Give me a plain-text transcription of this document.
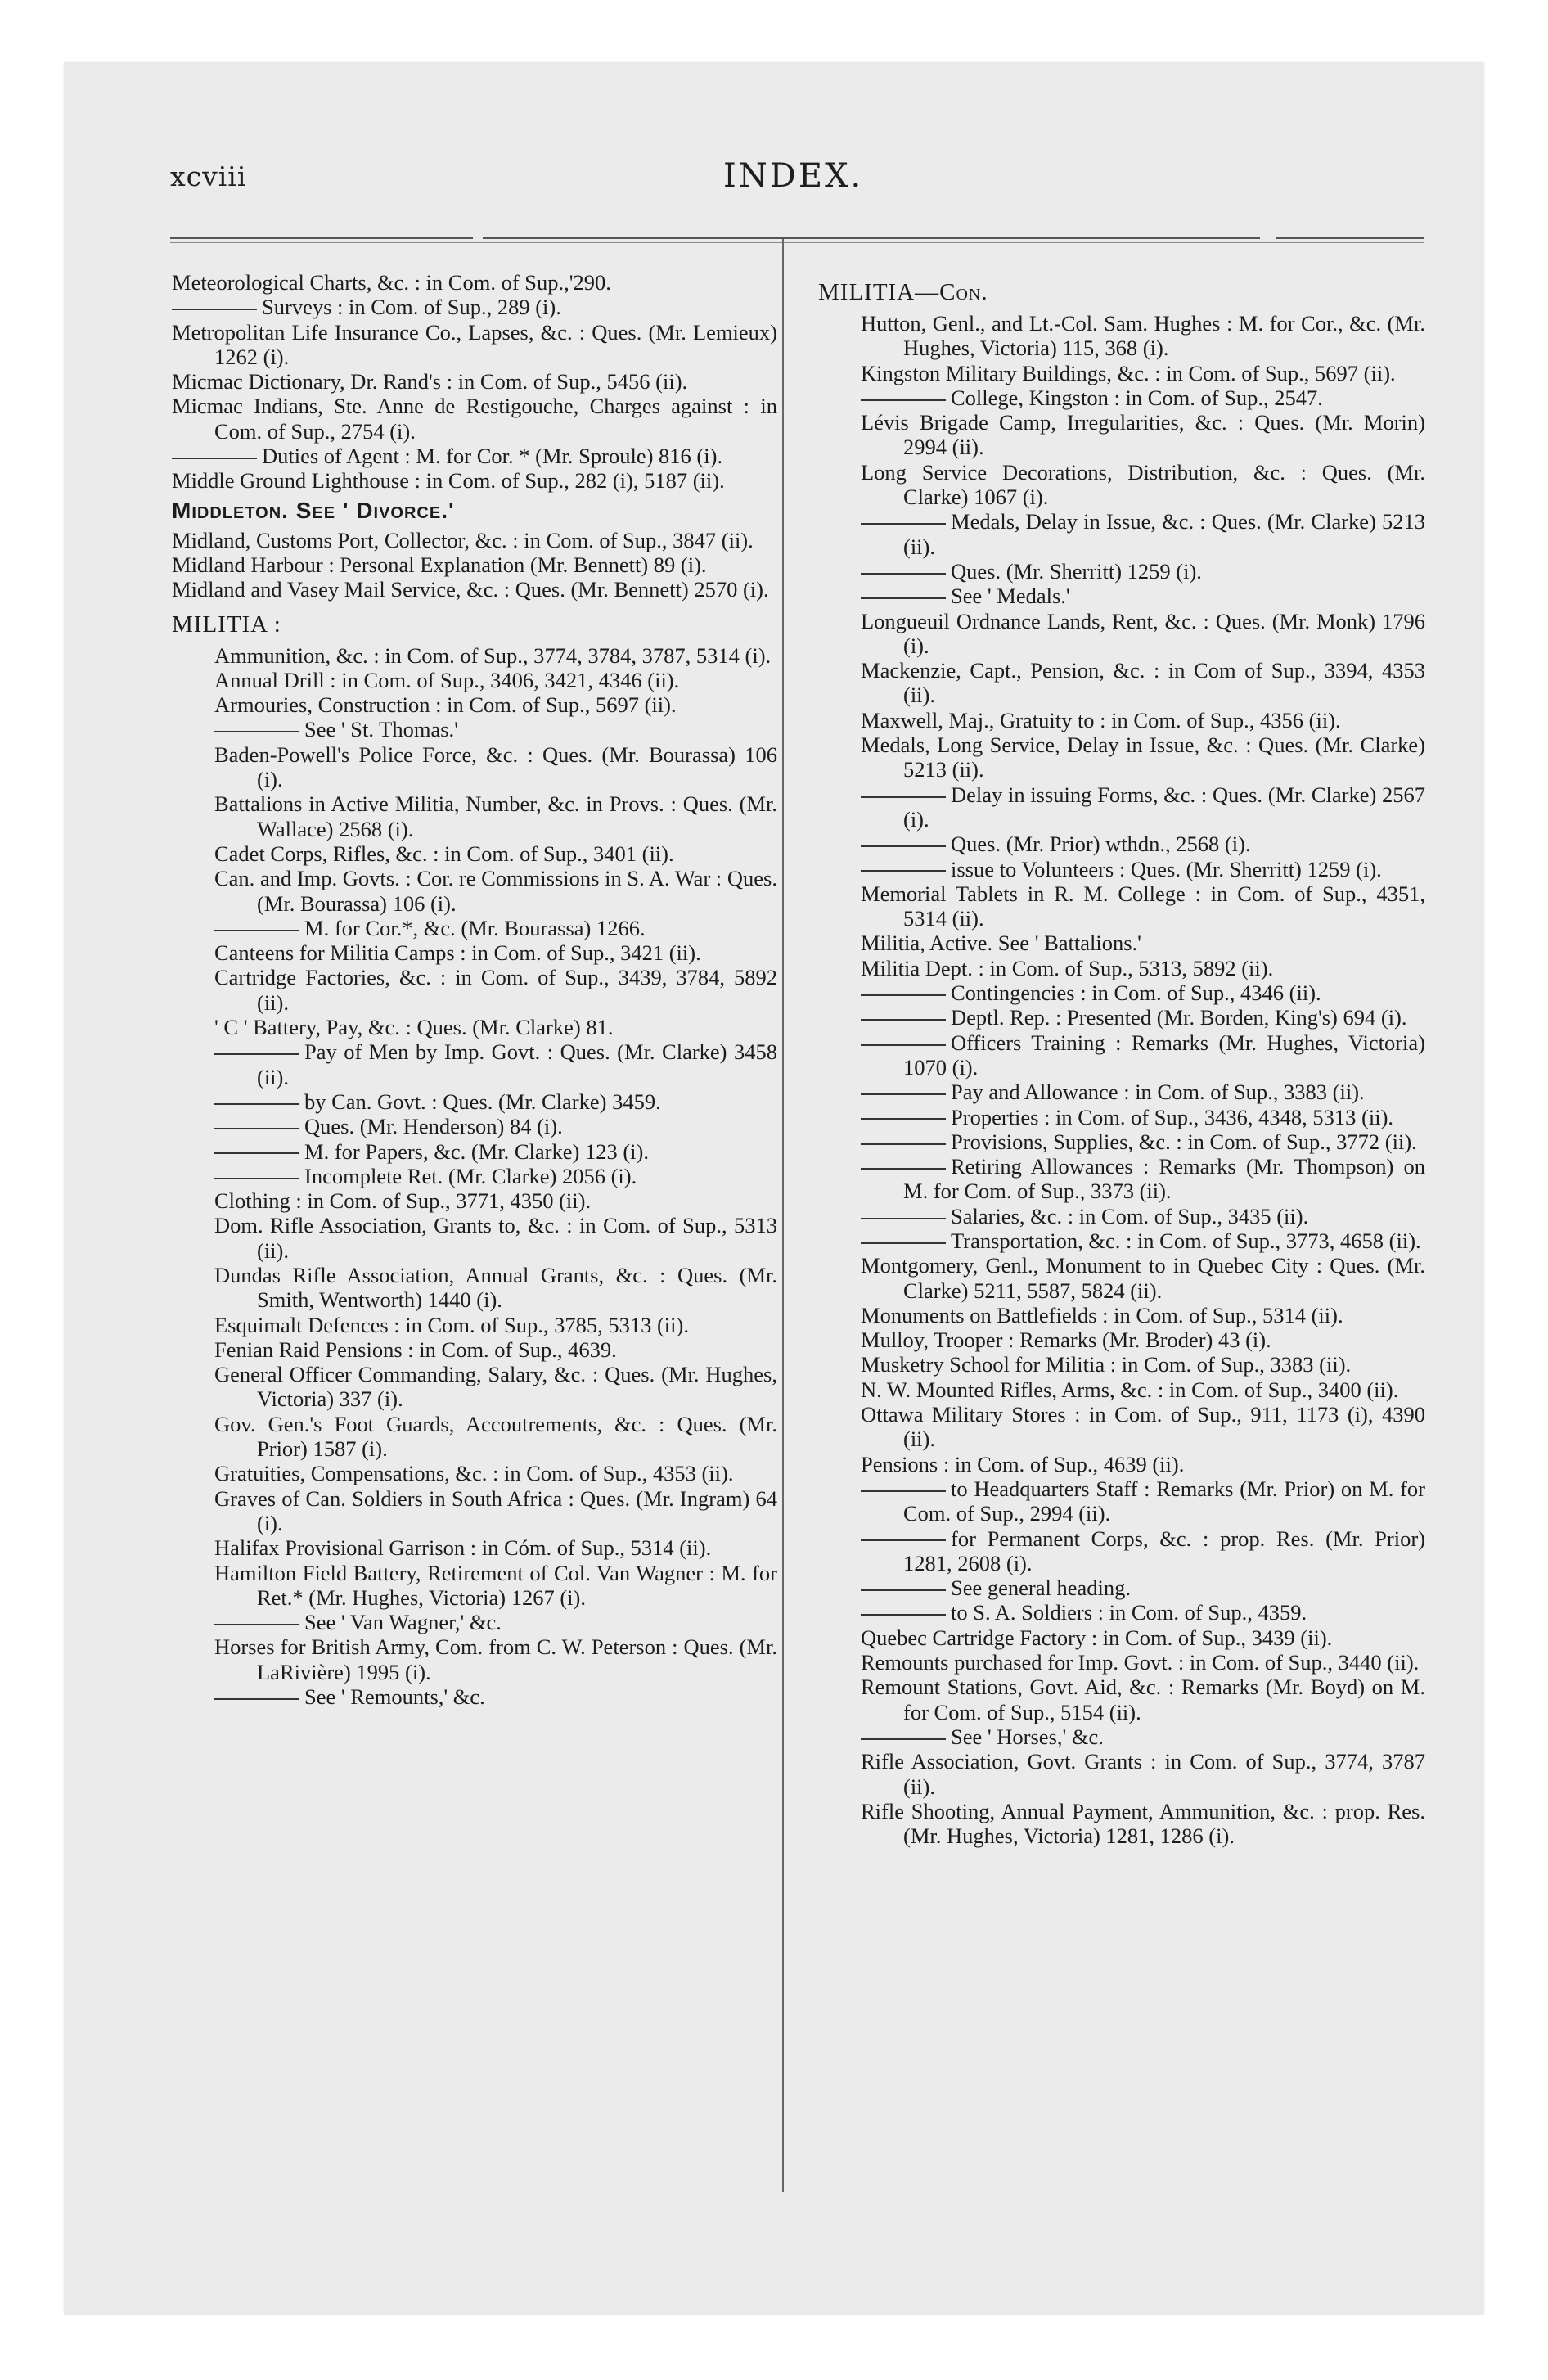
xcviii	INDEX.

Meteorological Charts, &c. : in Com. of Sup.,'290.

Surveys : in Com. of Sup., 289 (i).

Metropolitan Life Insurance Co., Lapses, &c. : Ques. (Mr. Lemieux) 1262 (i).

Micmac Dictionary, Dr. Rand's : in Com. of Sup., 5456 (ii).

Micmac Indians, Ste. Anne de Restigouche, Charges against : in Com. of Sup., 2754 (i).

Duties of Agent : M. for Cor. * (Mr. Sproule) 816 (i).

Middle Ground Lighthouse : in Com. of Sup., 282 (i), 5187 (ii).

Middleton. See ' Divorce.'

Midland, Customs Port, Collector, &c. : in Com. of Sup., 3847 (ii).

Midland Harbour : Personal Explanation (Mr. Bennett) 89 (i).

Midland and Vasey Mail Service, &c. : Ques. (Mr. Bennett) 2570 (i).

MILITIA :

Ammunition, &c. : in Com. of Sup., 3774, 3784, 3787, 5314 (i).

Annual Drill : in Com. of Sup., 3406, 3421, 4346 (ii).

Armouries, Construction : in Com. of Sup., 5697 (ii).

See ' St. Thomas.'

Baden-Powell's Police Force, &c. : Ques. (Mr. Bourassa) 106 (i).

Battalions in Active Militia, Number, &c. in Provs. : Ques. (Mr. Wallace) 2568 (i).

Cadet Corps, Rifles, &c. : in Com. of Sup., 3401 (ii).

Can. and Imp. Govts. : Cor. re Commissions in S. A. War : Ques. (Mr. Bourassa) 106 (i).

M. for Cor.*, &c. (Mr. Bourassa) 1266.

Canteens for Militia Camps : in Com. of Sup., 3421 (ii).

Cartridge Factories, &c. : in Com. of Sup., 3439, 3784, 5892 (ii).

' C ' Battery, Pay, &c. : Ques. (Mr. Clarke) 81.

Pay of Men by Imp. Govt. : Ques. (Mr. Clarke) 3458 (ii).

by Can. Govt. : Ques. (Mr. Clarke) 3459.

Ques. (Mr. Henderson) 84 (i).

M. for Papers, &c. (Mr. Clarke) 123 (i).

Incomplete Ret. (Mr. Clarke) 2056 (i).

Clothing : in Com. of Sup., 3771, 4350 (ii).

Dom. Rifle Association, Grants to, &c. : in Com. of Sup., 5313 (ii).

Dundas Rifle Association, Annual Grants, &c. : Ques. (Mr. Smith, Wentworth) 1440 (i).

Esquimalt Defences : in Com. of Sup., 3785, 5313 (ii).

Fenian Raid Pensions : in Com. of Sup., 4639.

General Officer Commanding, Salary, &c. : Ques. (Mr. Hughes, Victoria) 337 (i).

Gov. Gen.'s Foot Guards, Accoutrements, &c. : Ques. (Mr. Prior) 1587 (i).

Gratuities, Compensations, &c. : in Com. of Sup., 4353 (ii).

Graves of Can. Soldiers in South Africa : Ques. (Mr. Ingram) 64 (i).

Halifax Provisional Garrison : in Cóm. of Sup., 5314 (ii).

Hamilton Field Battery, Retirement of Col. Van Wagner : M. for Ret.* (Mr. Hughes, Victoria) 1267 (i).

See ' Van Wagner,' &c.

Horses for British Army, Com. from C. W. Peterson : Ques. (Mr. LaRivière) 1995 (i).

See ' Remounts,' &c.

MILITIA—Con.

Hutton, Genl., and Lt.-Col. Sam. Hughes : M. for Cor., &c. (Mr. Hughes, Victoria) 115, 368 (i).

Kingston Military Buildings, &c. : in Com. of Sup., 5697 (ii).

College, Kingston : in Com. of Sup., 2547.

Lévis Brigade Camp, Irregularities, &c. : Ques. (Mr. Morin) 2994 (ii).

Long Service Decorations, Distribution, &c. : Ques. (Mr. Clarke) 1067 (i).

Medals, Delay in Issue, &c. : Ques. (Mr. Clarke) 5213 (ii).

Ques. (Mr. Sherritt) 1259 (i).

See ' Medals.'

Longueuil Ordnance Lands, Rent, &c. : Ques. (Mr. Monk) 1796 (i).

Mackenzie, Capt., Pension, &c. : in Com of Sup., 3394, 4353 (ii).

Maxwell, Maj., Gratuity to : in Com. of Sup., 4356 (ii).

Medals, Long Service, Delay in Issue, &c. : Ques. (Mr. Clarke) 5213 (ii).

Delay in issuing Forms, &c. : Ques. (Mr. Clarke) 2567 (i).

Ques. (Mr. Prior) wthdn., 2568 (i).

issue to Volunteers : Ques. (Mr. Sherritt) 1259 (i).

Memorial Tablets in R. M. College : in Com. of Sup., 4351, 5314 (ii).

Militia, Active. See ' Battalions.'

Militia Dept. : in Com. of Sup., 5313, 5892 (ii).

Contingencies : in Com. of Sup., 4346 (ii).

Deptl. Rep. : Presented (Mr. Borden, King's) 694 (i).

Officers Training : Remarks (Mr. Hughes, Victoria) 1070 (i).

Pay and Allowance : in Com. of Sup., 3383 (ii).

Properties : in Com. of Sup., 3436, 4348, 5313 (ii).

Provisions, Supplies, &c. : in Com. of Sup., 3772 (ii).

Retiring Allowances : Remarks (Mr. Thompson) on M. for Com. of Sup., 3373 (ii).

Salaries, &c. : in Com. of Sup., 3435 (ii).

Transportation, &c. : in Com. of Sup., 3773, 4658 (ii).

Montgomery, Genl., Monument to in Quebec City : Ques. (Mr. Clarke) 5211, 5587, 5824 (ii).

Monuments on Battlefields : in Com. of Sup., 5314 (ii).

Mulloy, Trooper : Remarks (Mr. Broder) 43 (i).

Musketry School for Militia : in Com. of Sup., 3383 (ii).

N. W. Mounted Rifles, Arms, &c. : in Com. of Sup., 3400 (ii).

Ottawa Military Stores : in Com. of Sup., 911, 1173 (i), 4390 (ii).

Pensions : in Com. of Sup., 4639 (ii).

to Headquarters Staff : Remarks (Mr. Prior) on M. for Com. of Sup., 2994 (ii).

for Permanent Corps, &c. : prop. Res. (Mr. Prior) 1281, 2608 (i).

See general heading.

to S. A. Soldiers : in Com. of Sup., 4359.

Quebec Cartridge Factory : in Com. of Sup., 3439 (ii).

Remounts purchased for Imp. Govt. : in Com. of Sup., 3440 (ii).

Remount Stations, Govt. Aid, &c. : Remarks (Mr. Boyd) on M. for Com. of Sup., 5154 (ii).

See ' Horses,' &c.

Rifle Association, Govt. Grants : in Com. of Sup., 3774, 3787 (ii).

Rifle Shooting, Annual Payment, Ammunition, &c. : prop. Res. (Mr. Hughes, Victoria) 1281, 1286 (i).
